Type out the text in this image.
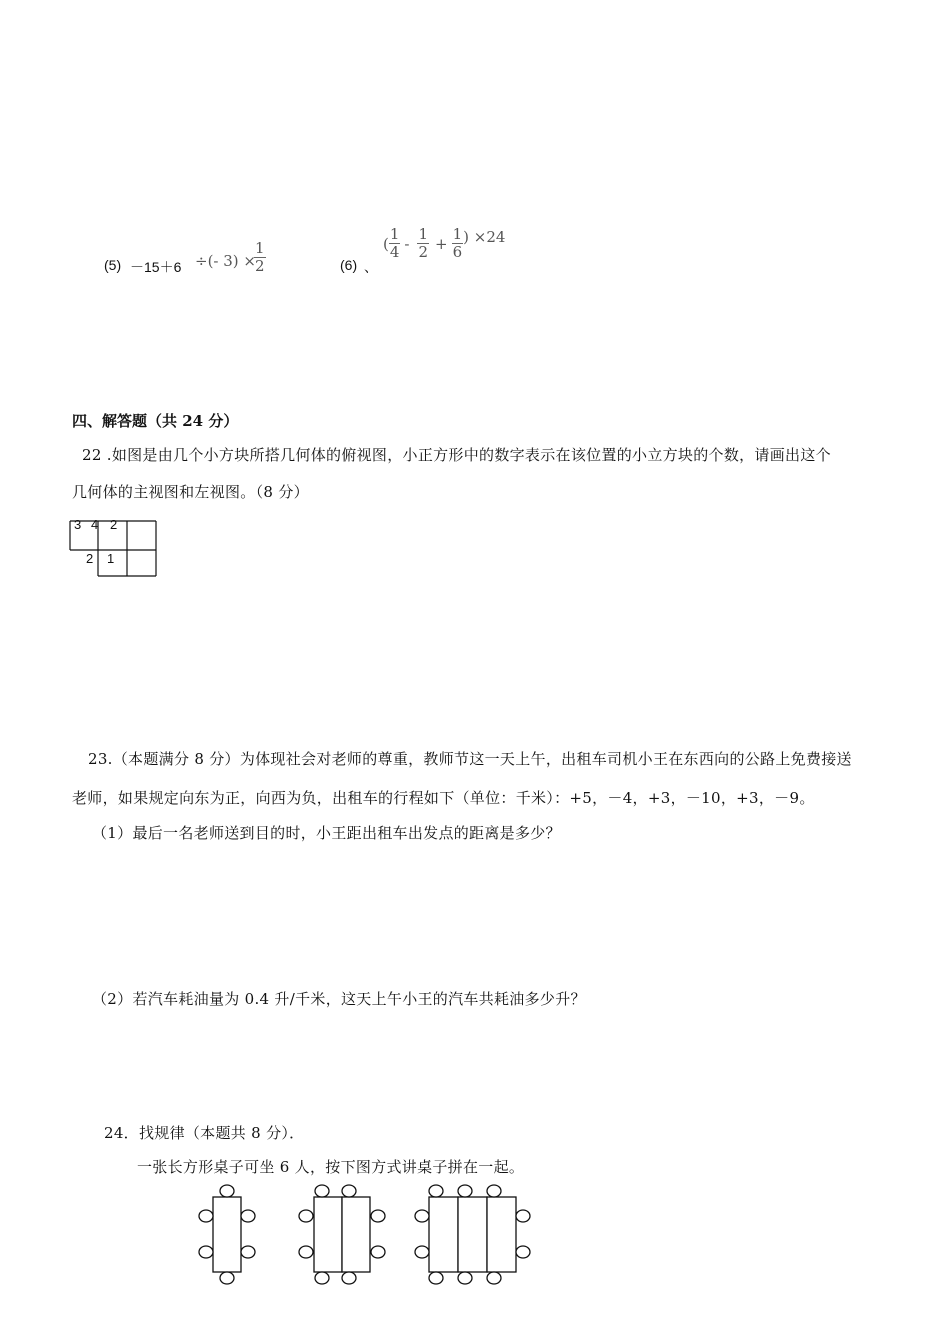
(5) －15＋6 ÷(- 3) ×
$\frac{1}{2}$	(6) 、
( $\frac{1}{4} - \frac{1}{2} + \frac{1}{6}$ ) ×24
四、解答题（共 24 分）
22 .如图是由几个小方块所搭几何体的俯视图，小正方形中的数字表示在该位置的小立方块的个数，请画出这个
几何体的主视图和左视图。（8 分）
3 4 2
2 1
23.（本题满分 8 分）为体现社会对老师的尊重，教师节这一天上午，出租车司机小王在东西向的公路上免费接送
老师，如果规定向东为正，向西为负，出租车的行程如下（单位：千米）：+5，－4，+3，－10，+3，－9。
（1）最后一名老师送到目的时，小王距出租车出发点的距离是多少？
（2）若汽车耗油量为 0.4 升/千米，这天上午小王的汽车共耗油多少升？
24．找规律（本题共 8 分）．
一张长方形桌子可坐 6 人，按下图方式讲桌子拼在一起。
